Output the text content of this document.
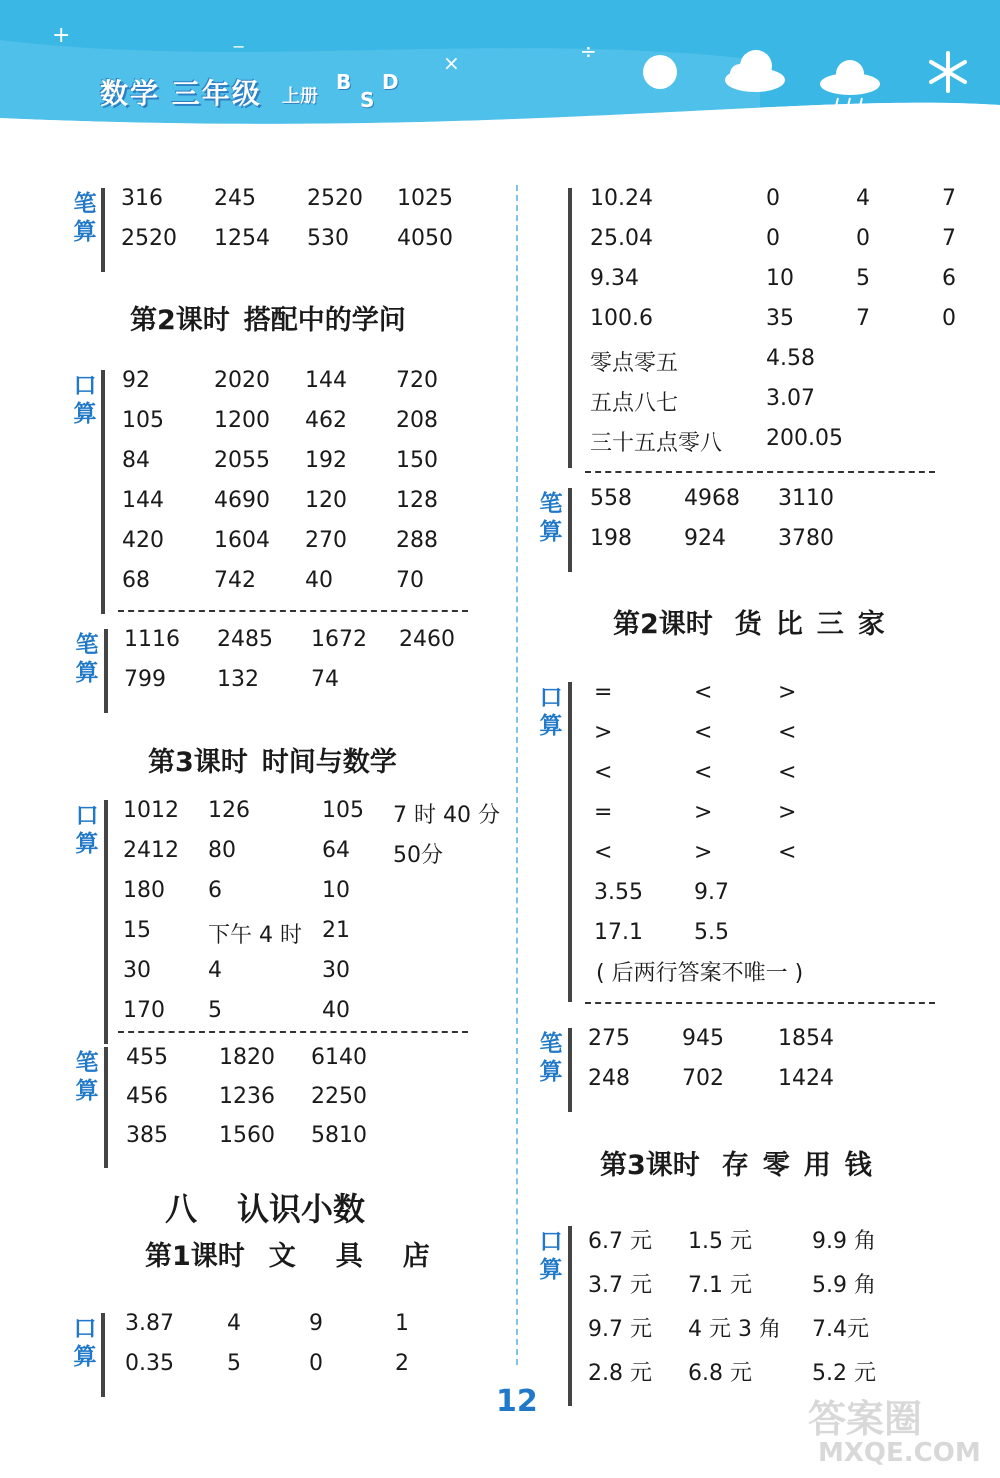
+	−
×	÷
数学 三年级 上册
B
S
D
笔算
316 245 2520 1025
2520 1254 530 4050
第2课时 搭配中的学问
口算
92	2020 144 720
105 1200 462 208
84	2055 192 150
144 4690 120 128
420 1604 270 288
68	742 40	70
笔算
1116 2485 1672 2460
799 132 74
第3课时 时间与数学
口算
1012 126	105 7 时 40 分
2412 80	64 50分
180 6	10
15	下午 4 时 21
30	4	30
170 5	40
笔算
455 1820 6140
456 1236 2250
385 1560 5810
八 认识小数
第1课时 文 具 店
口算
3.87 4	9	1
0.35 5	0	2
10.24	0	4	7
25.04	0	0	7
9.34	10	5	6
100.6	35	7	0
零点零五	4.58
五点八七	3.07
三十五点零八 200.05
笔算
558 4968 3110
198 924 3780
第2课时 货 比 三 家
口算
=	<	>
>	<	<
<	<	<
=	>	>
<	>	<
3.55 9.7
17.1 5.5
( 后两行答案不唯一 )
笔算
275 945 1854
248 702 1424
第3课时 存 零 用 钱
口算
6.7 元 1.5 元	9.9 角
3.7 元 7.1 元	5.9 角
9.7 元 4 元 3 角 7.4元
2.8 元 6.8 元	5.2 元
12	答案圈
MXQE.COM
